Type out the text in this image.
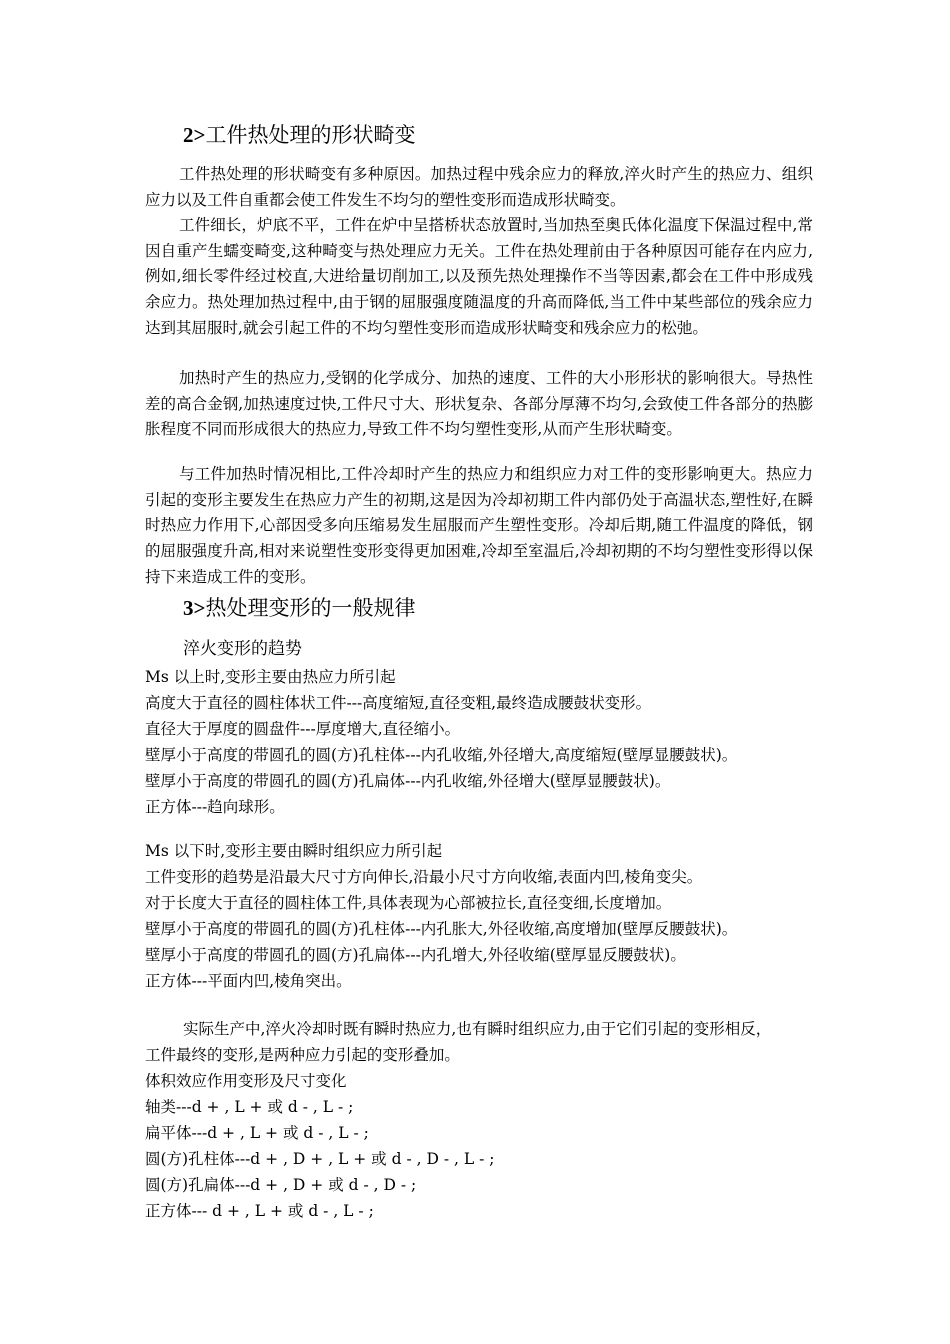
2>工件热处理的形状畸变

工件热处理的形状畸变有多种原因。加热过程中残余应力的释放,淬火时产生的热应力、组织应力以及工件自重都会使工件发生不均匀的塑性变形而造成形状畸变。

工件细长，炉底不平，工件在炉中呈搭桥状态放置时,当加热至奥氏体化温度下保温过程中,常因自重产生蠕变畸变,这种畸变与热处理应力无关。工件在热处理前由于各种原因可能存在内应力,例如,细长零件经过校直,大进给量切削加工,以及预先热处理操作不当等因素,都会在工件中形成残余应力。热处理加热过程中,由于钢的屈服强度随温度的升高而降低,当工件中某些部位的残余应力达到其屈服时,就会引起工件的不均匀塑性变形而造成形状畸变和残余应力的松弛。

加热时产生的热应力,受钢的化学成分、加热的速度、工件的大小形形状的影响很大。导热性差的高合金钢,加热速度过快,工件尺寸大、形状复杂、各部分厚薄不均匀,会致使工件各部分的热膨胀程度不同而形成很大的热应力,导致工件不均匀塑性变形,从而产生形状畸变。

与工件加热时情况相比,工件冷却时产生的热应力和组织应力对工件的变形影响更大。热应力引起的变形主要发生在热应力产生的初期,这是因为冷却初期工件内部仍处于高温状态,塑性好,在瞬时热应力作用下,心部因受多向压缩易发生屈服而产生塑性变形。冷却后期,随工件温度的降低，钢的屈服强度升高,相对来说塑性变形变得更加困难,冷却至室温后,冷却初期的不均匀塑性变形得以保持下来造成工件的变形。

3>热处理变形的一般规律
淬火变形的趋势
Ms 以上时,变形主要由热应力所引起
高度大于直径的圆柱体状工件---高度缩短,直径变粗,最终造成腰鼓状变形。
直径大于厚度的圆盘件---厚度增大,直径缩小。
壁厚小于高度的带圆孔的圆(方)孔柱体---内孔收缩,外径增大,高度缩短(壁厚显腰鼓状)。
壁厚小于高度的带圆孔的圆(方)孔扁体---内孔收缩,外径增大(壁厚显腰鼓状)。
正方体---趋向球形。
Ms 以下时,变形主要由瞬时组织应力所引起
工件变形的趋势是沿最大尺寸方向伸长,沿最小尺寸方向收缩,表面内凹,棱角变尖。
对于长度大于直径的圆柱体工件,具体表现为心部被拉长,直径变细,长度增加。
壁厚小于高度的带圆孔的圆(方)孔柱体---内孔胀大,外径收缩,高度增加(壁厚反腰鼓状)。
壁厚小于高度的带圆孔的圆(方)孔扁体---内孔增大,外径收缩(壁厚显反腰鼓状)。
正方体---平面内凹,棱角突出。
实际生产中,淬火冷却时既有瞬时热应力,也有瞬时组织应力,由于它们引起的变形相反，
工件最终的变形,是两种应力引起的变形叠加。
体积效应作用变形及尺寸变化
轴类---d + , L + 或 d - , L - ;
扁平体---d + , L + 或 d - , L - ;
圆(方)孔柱体---d + , D + , L + 或 d - , D - , L - ;
圆(方)孔扁体---d + , D + 或 d - , D - ;
正方体--- d + , L + 或 d - , L - ;
